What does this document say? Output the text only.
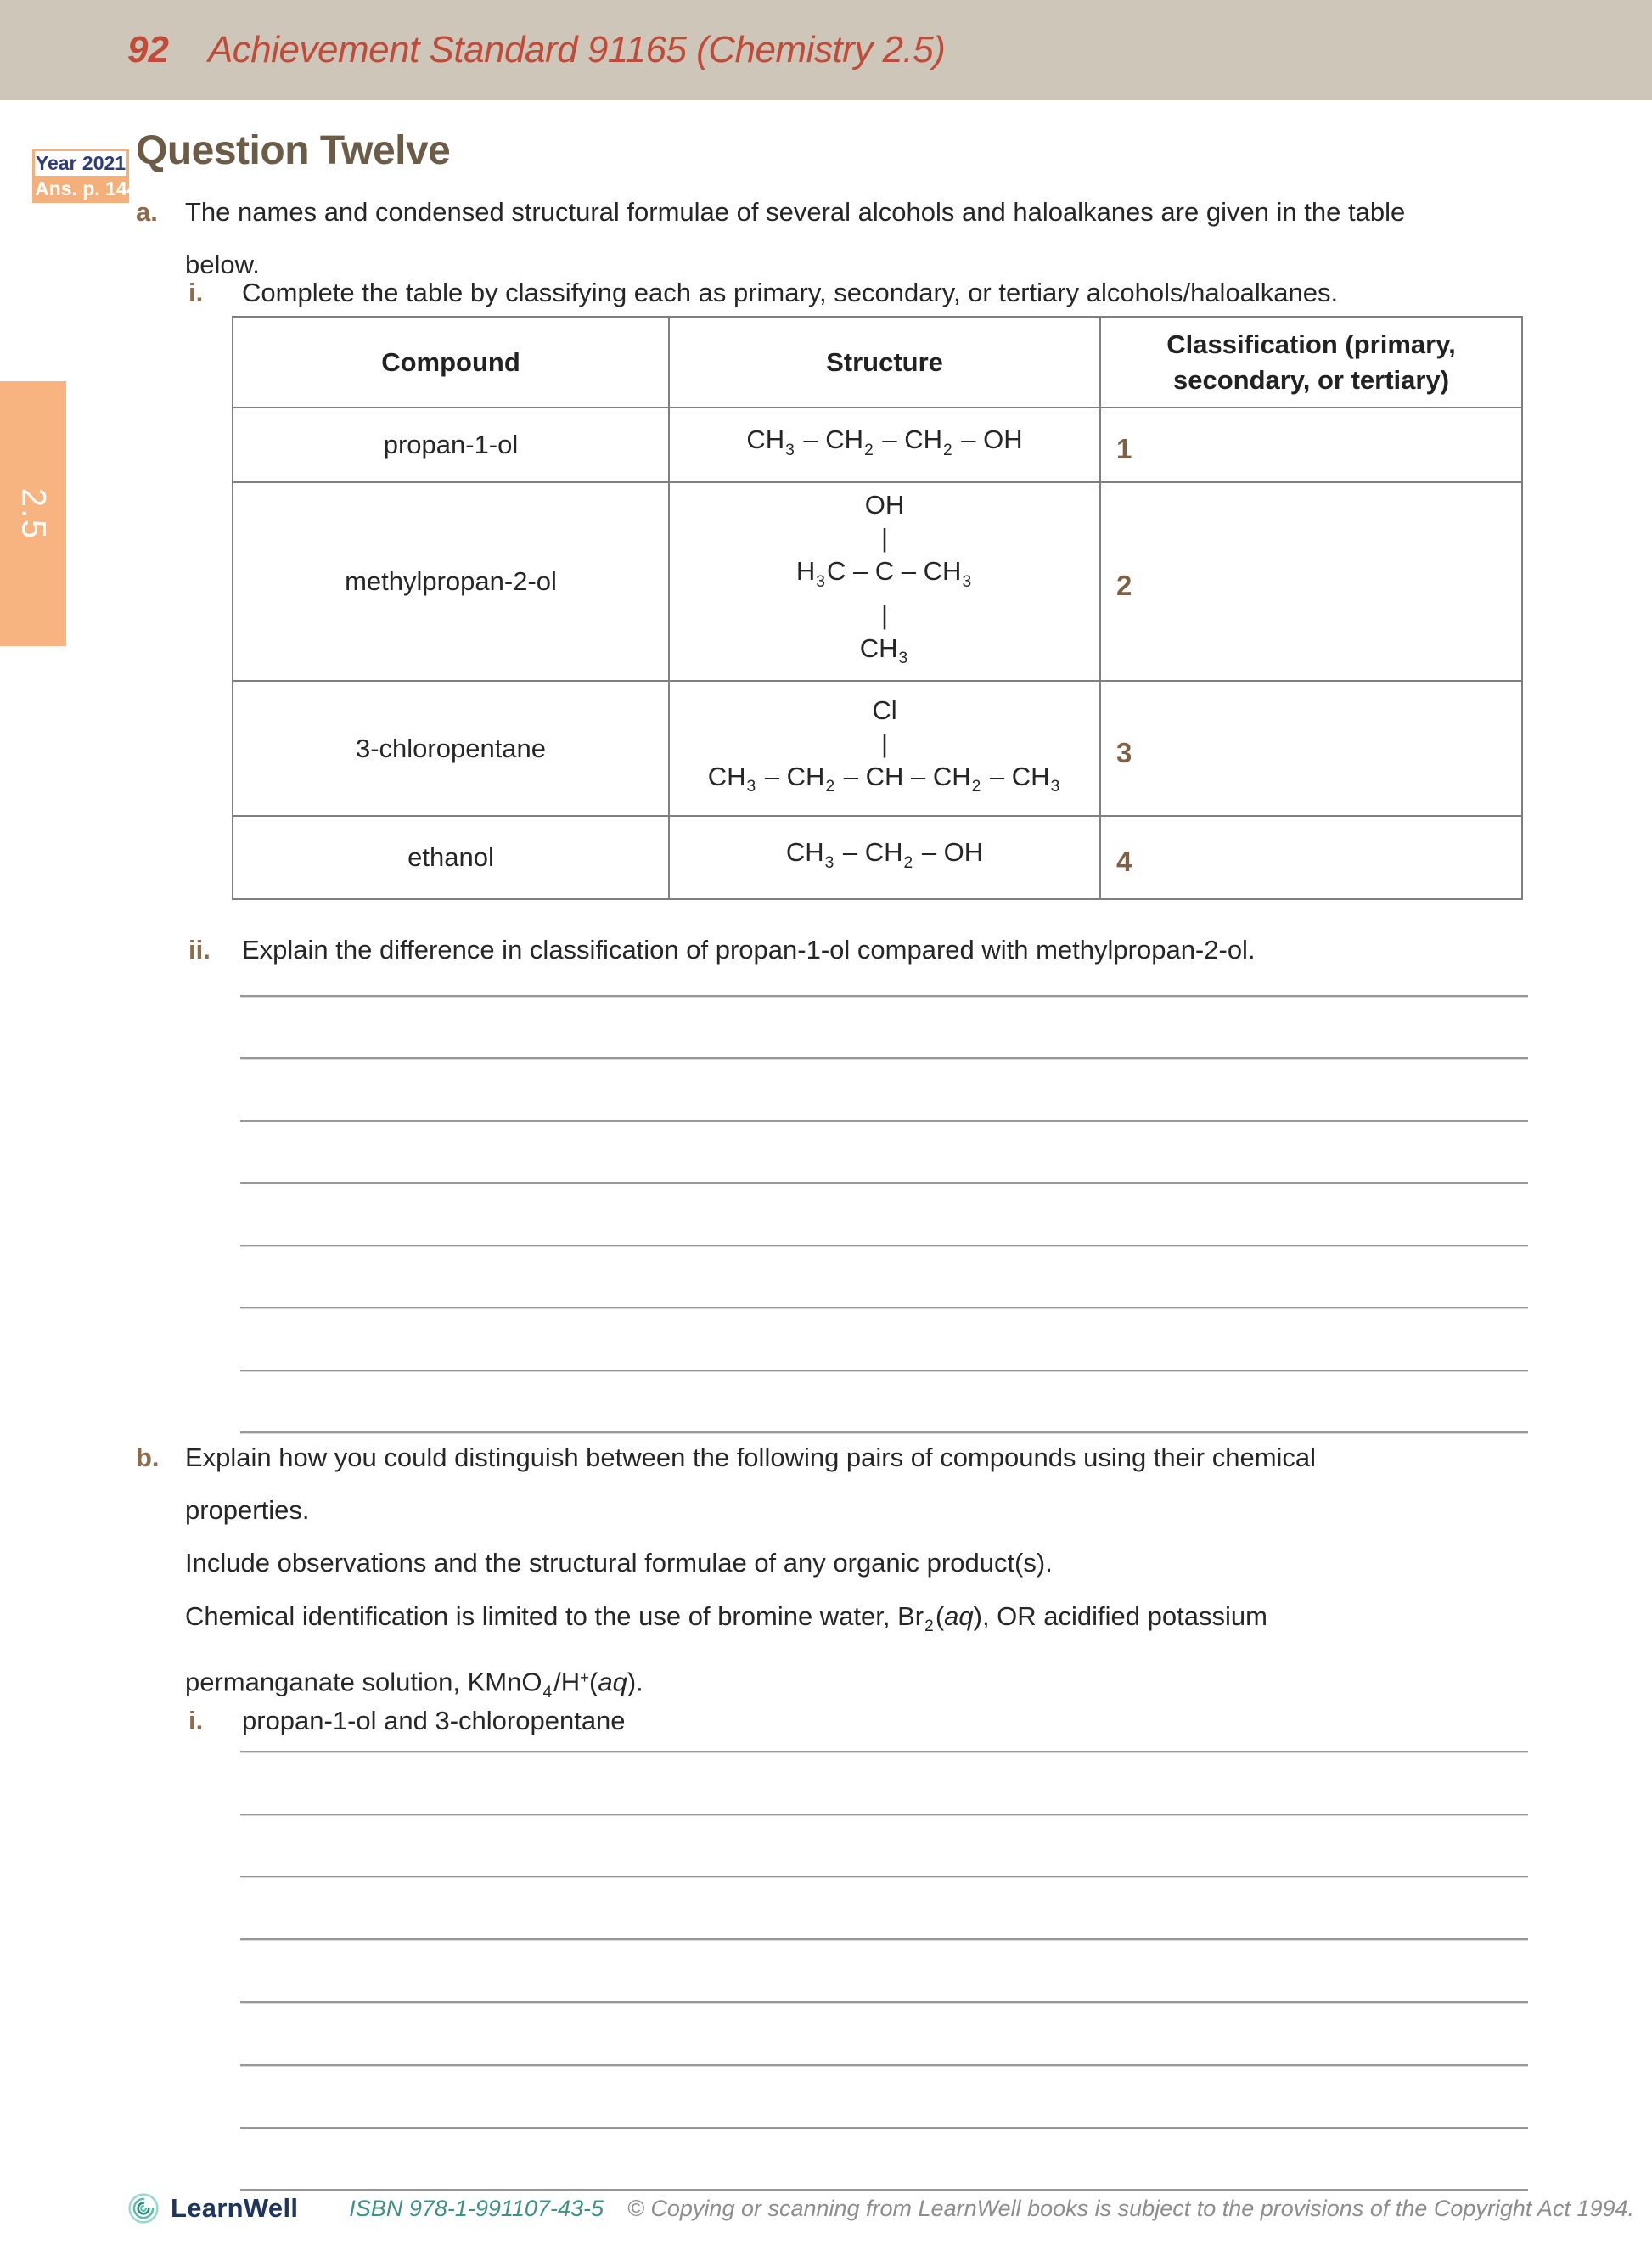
92 Achievement Standard 91165 (Chemistry 2.5)
Year 2021
Ans. p. 144
Question Twelve
a.	The names and condensed structural formulae of several alcohols and haloalkanes are given in the table
below.
i.	Complete the table by classifying each as primary, secondary, or tertiary alcohols/haloalkanes.
Compound	Structure	Classification (primary, secondary, or tertiary)
propan-1-ol	$CH_3 - CH_2 - CH_2$ – OH	1
methylpropan-2-ol	OH
|
$H_3C$ – C – $CH_3$
|
$CH_3$	2
3-chloropentane	Cl
|
$CH_3 - CH_2$ – CH – $CH_2 - CH_3$	3
ethanol	$CH_3 - CH_2$ – OH	4
ii.	Explain the difference in classification of propan-1-ol compared with methylpropan-2-ol.
b. Explain how you could distinguish between the following pairs of compounds using their chemical
properties.
Include observations and the structural formulae of any organic product(s).
Chemical identification is limited to the use of bromine water, $Br_2(aq)$, OR acidified potassium
permanganate solution, KMnO$_4$/H+(aq).
i.	propan-1-ol and 3-chloropentane
2.5
LearnWell ISBN 978-1-991107-43-5 © Copying or scanning from LearnWell books is subject to the provisions of the Copyright Act 1994.
